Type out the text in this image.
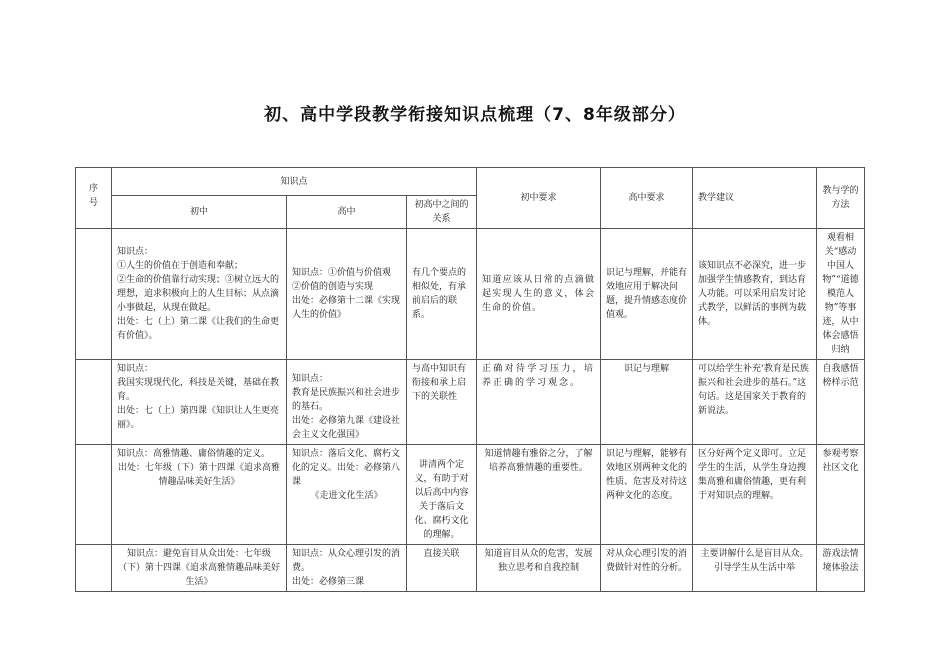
初、高中学段教学衔接知识点梳理（7、8年级部分）
序号	知识点			初中要求	高中要求	教学建议	教与学的方法
	初中	高中	初高中之间的关系				

	知识点：
①人生的价值在于创造和奉献；
②生命的价值靠行动实现；③树立远大的理想，追求积极向上的人生目标；从点滴小事做起，从现在做起。
出处：七（上）第二课《让我们的生命更有价值》。	知识点：①价值与价值观
②价值的创造与实现
出处：必修第十二课《实现人生的价值》	有几个要点的相似处，有承前启后的联系。	知道应该从日常的点滴做起实现人生的意义，体会生命的价值。	识记与理解，并能有效地应用于解决问题，提升情感态度价值观。	该知识点不必深究，进一步加强学生情感教育，到达育人功能。可以采用启发讨论式教学，以鲜活的事例为载体。	观看相关“感动中国人物”“道德模范人物”等事迹，从中体会感悟归纳

	知识点：
我国实现现代化，科技是关键，基础在教育。
出处：七（上）第四课《知识让人生更亮丽》。	知识点：
教育是民族振兴和社会进步的基石。
出处：必修第九课《建设社会主义文化强国》	与高中知识有衔接和承上启下的关联性	正确对待学习压力，培养正确的学习观念。	识记与理解	可以给学生补充‘教育是民族振兴和社会进步的基石。”这句话。这是国家关于教育的新说法。	自我感悟榜样示范

	知识点：高雅情趣、庸俗情趣的定义。
出处：七年级（下）第十四课《追求高雅情趣品味美好生活》	知识点：落后文化、腐朽文化的定义。出处：必修第八课
《走进文化生活》	讲清两个定义，有助于对以后高中内容关于落后文化、腐朽文化的理解。	知道情趣有雅俗之分，了解培养高雅情趣的重要性。	识记与理解，能够有效地区别两种文化的性质、危害及对待这两种文化的态度。	区分好两个定义即可。立足学生的生活，从学生身边搜集高雅和庸俗情趣，更有利于对知识点的理解。	参观考察社区文化

	知识点：避免盲目从众出处：七年级（下）第十四课《追求高雅情趣品味美好生活》	知识点：从众心理引发的消费。
出处：必修第三课	直接关联	知道盲目从众的危害，发展独立思考和自我控制	对从众心理引发的消费做针对性的分析。	主要讲解什么是盲目从众。引导学生从生活中举	游戏法情境体验法
